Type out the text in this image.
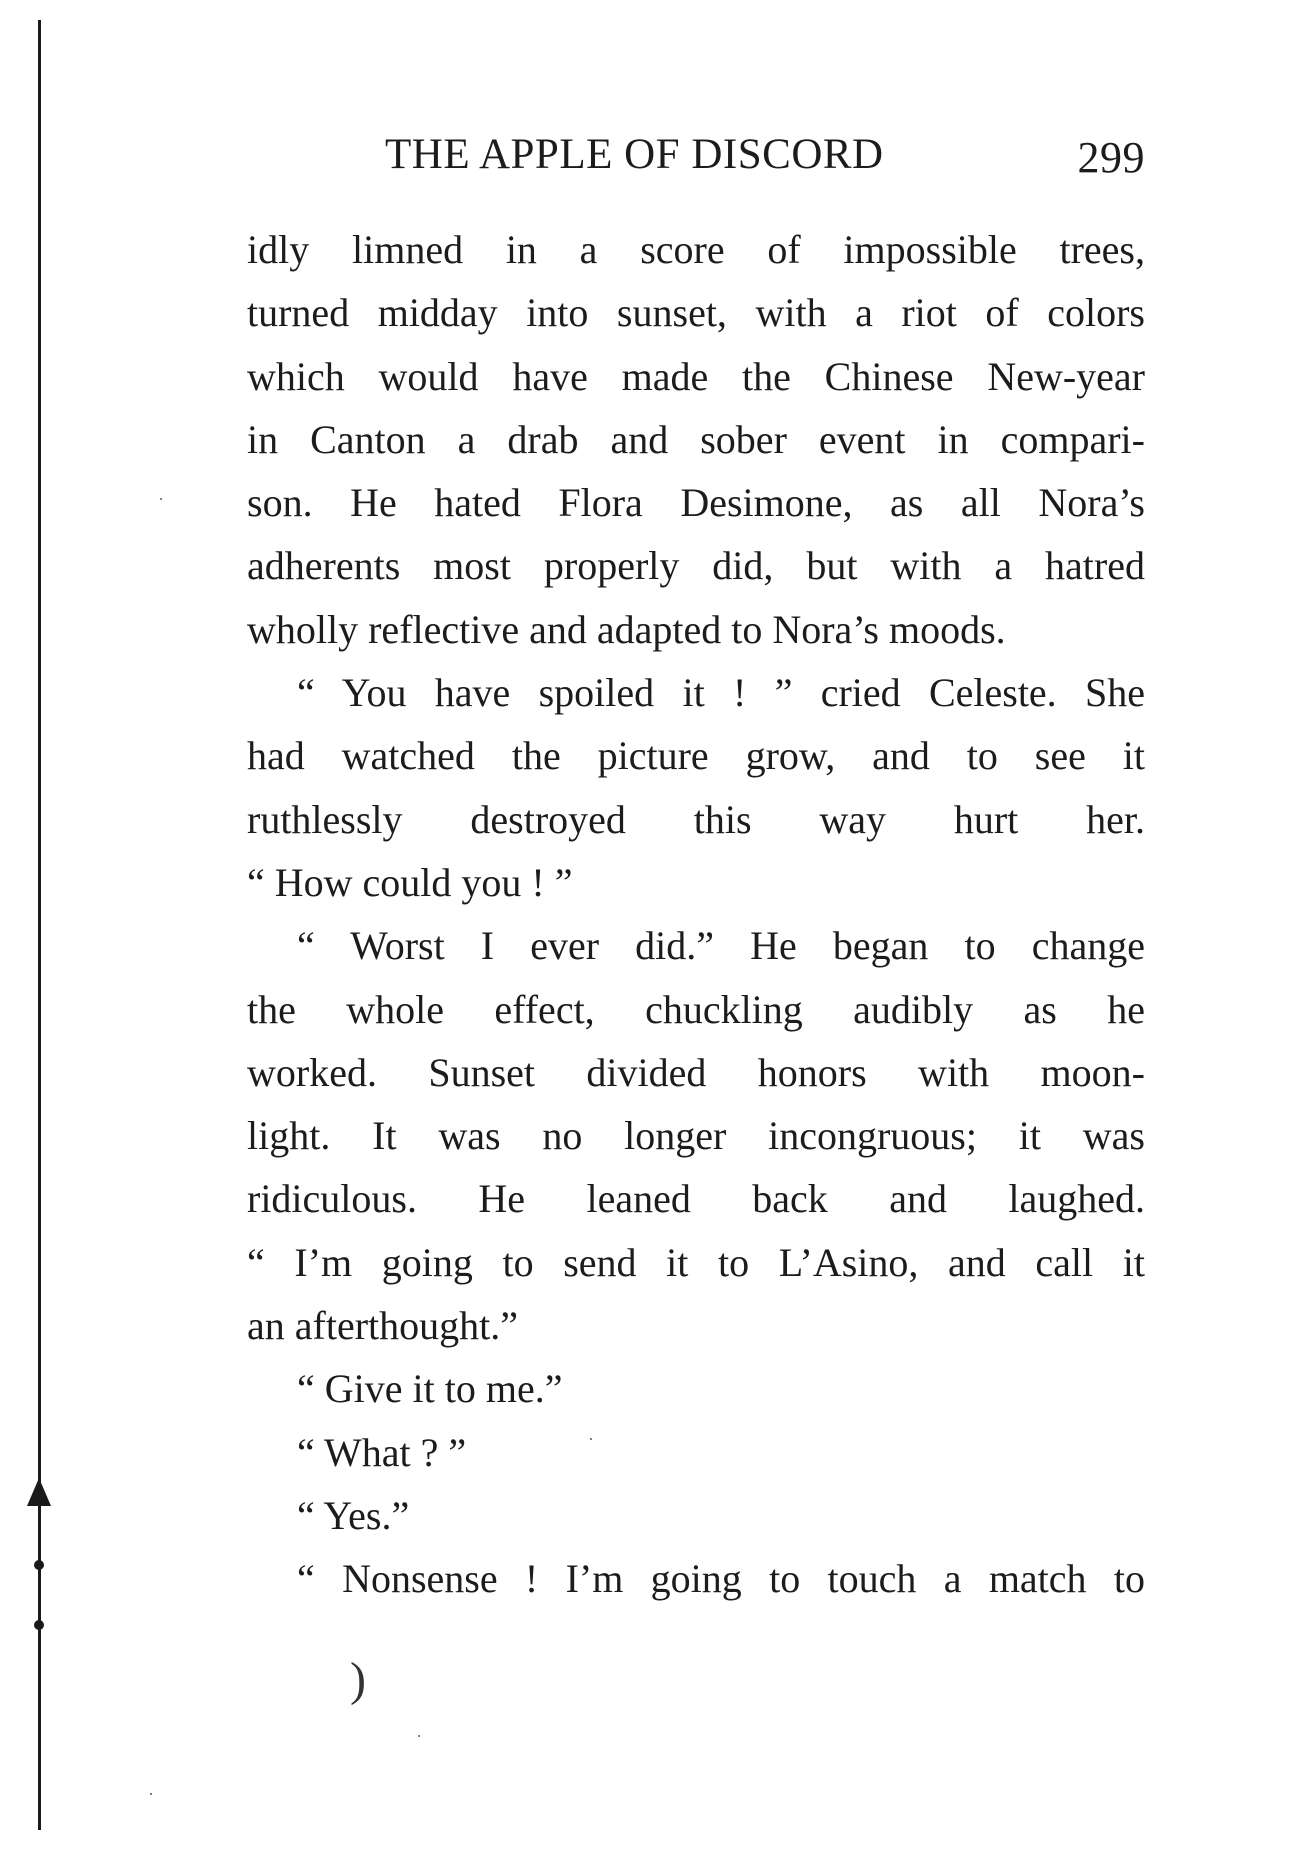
THE APPLE OF DISCORD	299
idly limned in a score of impossible trees,
turned midday into sunset, with a riot of colors
which would have made the Chinese New-year
in Canton a drab and sober event in compari-
son. He hated Flora Desimone, as all Nora’s
adherents most properly did, but with a hatred
wholly reflective and adapted to Nora’s moods.
“ You have spoiled it ! ” cried Celeste. She
had watched the picture grow, and to see it
ruthlessly destroyed this way hurt her.
“ How could you ! ”
“ Worst I ever did.” He began to change
the whole effect, chuckling audibly as he
worked. Sunset divided honors with moon-
light. It was no longer incongruous; it was
ridiculous. He leaned back and laughed.
“ I’m going to send it to L’Asino, and call it
an afterthought.”
“ Give it to me.”
“ What ? ”
“ Yes.”
“ Nonsense ! I’m going to touch a match to
)
